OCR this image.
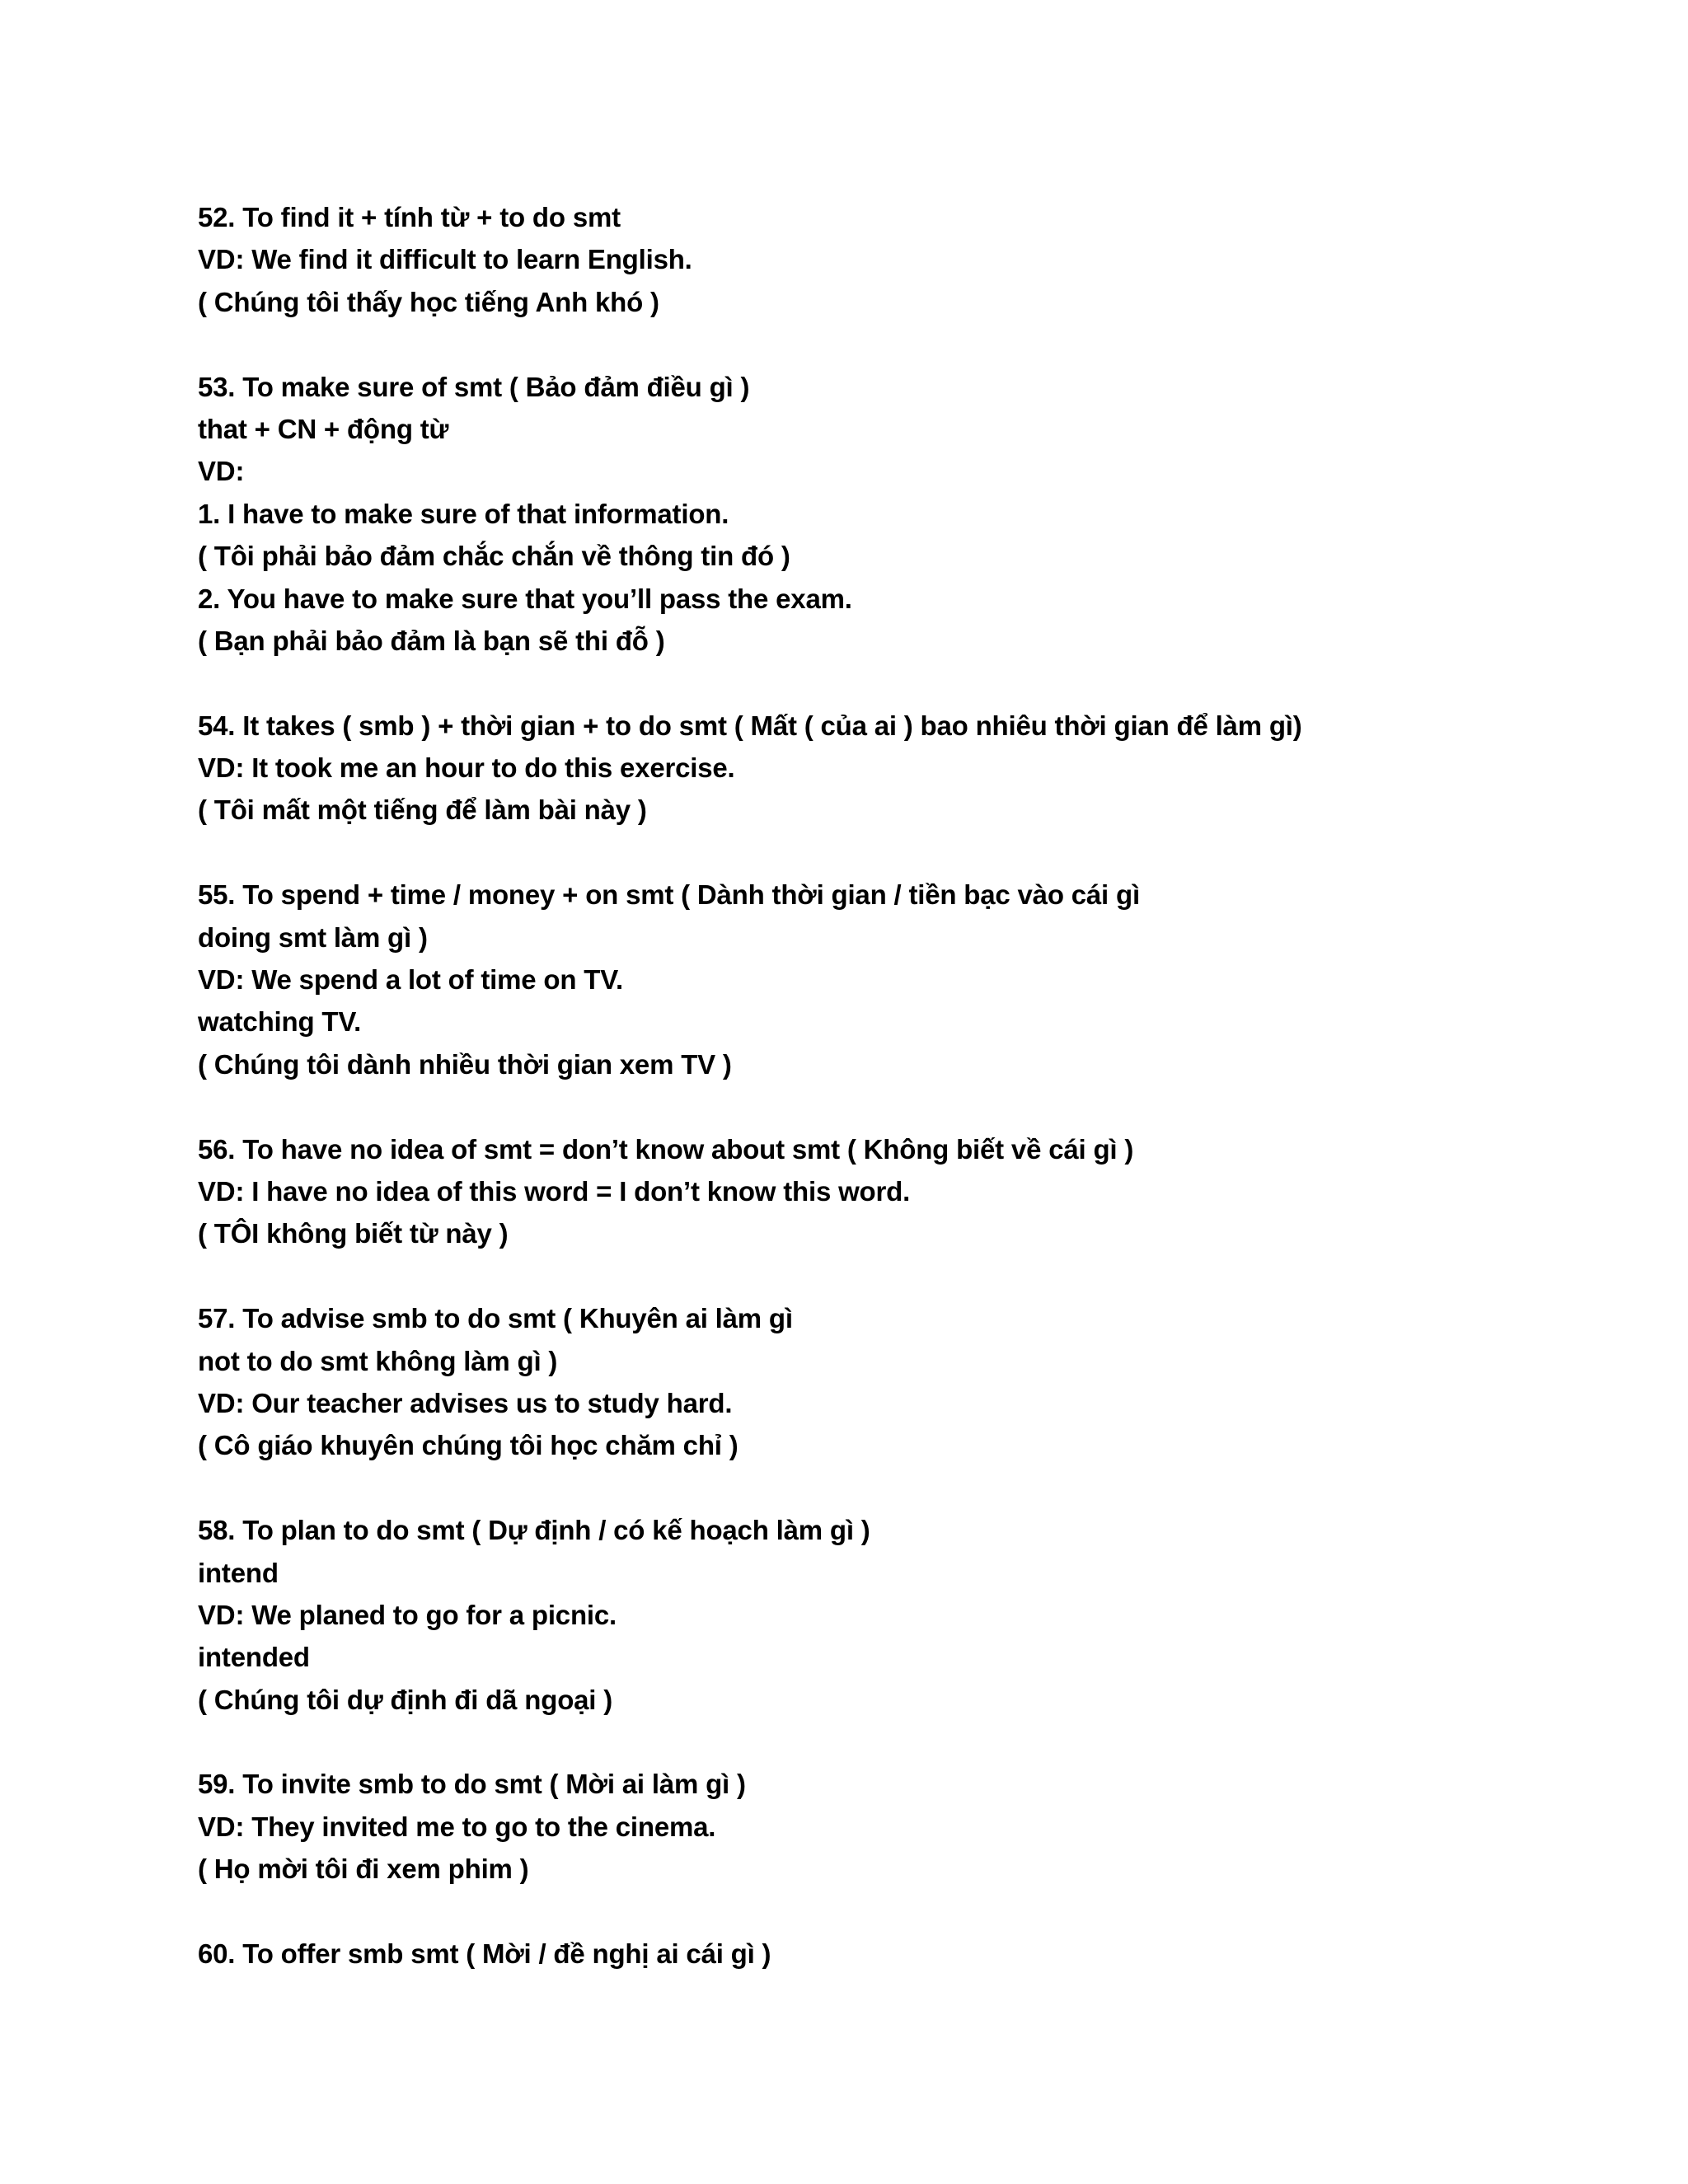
52. To find it + tính từ + to do smt
VD: We find it difficult to learn English.
( Chúng tôi thấy học tiếng Anh khó )
53. To make sure of smt ( Bảo đảm điều gì )
that + CN + động từ
VD:
1. I have to make sure of that information.
( Tôi phải bảo đảm chắc chắn về thông tin đó )
2. You have to make sure that you’ll pass the exam.
( Bạn phải bảo đảm là bạn sẽ thi đỗ )
54. It takes ( smb ) + thời gian + to do smt ( Mất ( của ai ) bao nhiêu thời gian để làm gì)
VD: It took me an hour to do this exercise.
( Tôi mất một tiếng để làm bài này )
55. To spend + time / money + on smt ( Dành thời gian / tiền bạc vào cái gì
doing smt làm gì )
VD: We spend a lot of time on TV.
watching TV.
( Chúng tôi dành nhiều thời gian xem TV )
56. To have no idea of smt = don’t know about smt ( Không biết về cái gì )
VD: I have no idea of this word = I don’t know this word.
( TÔI không biết từ này )
57. To advise smb to do smt ( Khuyên ai làm gì
not to do smt không làm gì )
VD: Our teacher advises us to study hard.
( Cô giáo khuyên chúng tôi học chăm chỉ )
58. To plan to do smt ( Dự định / có kế hoạch làm gì )
intend
VD: We planed to go for a picnic.
intended
( Chúng tôi dự định đi dã ngoại )
59. To invite smb to do smt ( Mời ai làm gì )
VD: They invited me to go to the cinema.
( Họ mời tôi đi xem phim )
60. To offer smb smt ( Mời / đề nghị ai cái gì )
